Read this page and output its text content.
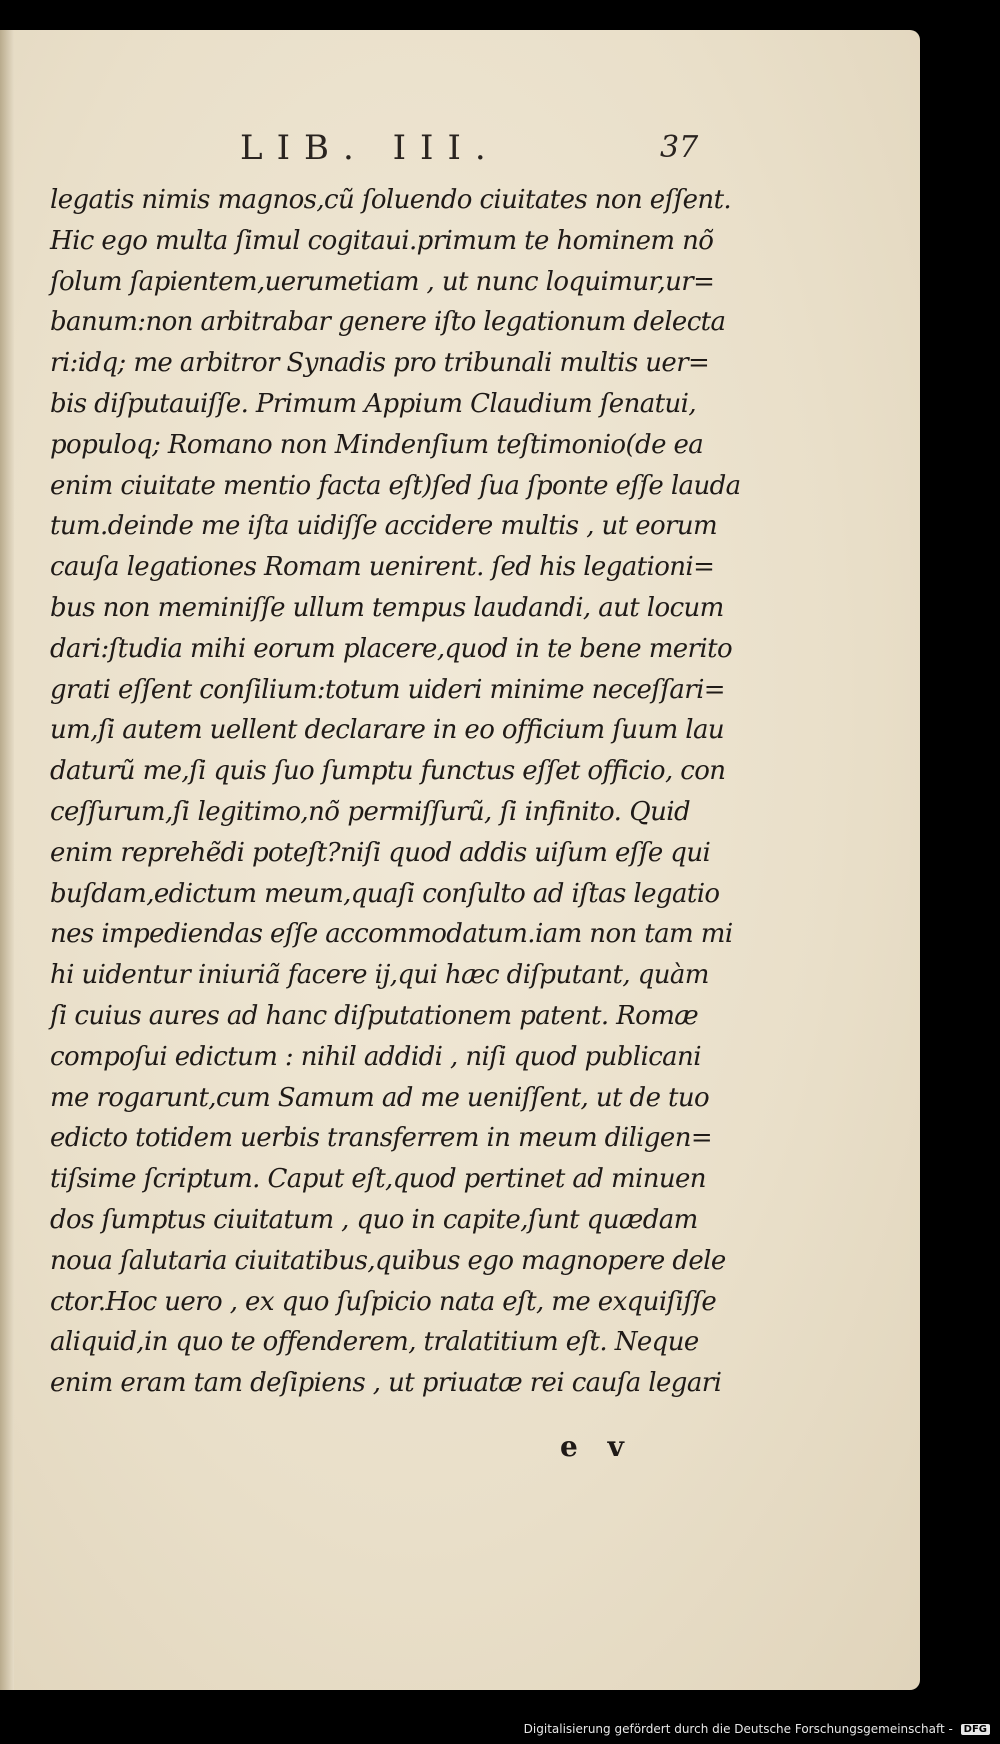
LIB. III.	37
legatis nimis magnos,cũ ſoluendo ciuitates non eſſent.
Hic ego multa ſimul cogitaui.primum te hominem nõ
ſolum ſapientem,uerumetiam , ut nunc loquimur,ur=
banum:non arbitrabar genere iſto legationum delecta
ri:idq; me arbitror Synadis pro tribunali multis uer=
bis diſputauiſſe. Primum Appium Claudium ſenatui,
populoq; Romano non Mindenſium teſtimonio(de ea
enim ciuitate mentio facta eſt)ſed ſua ſponte eſſe lauda
tum.deinde me iſta uidiſſe accidere multis , ut eorum
cauſa legationes Romam uenirent. ſed his legationi=
bus non meminiſſe ullum tempus laudandi, aut locum
dari:ſtudia mihi eorum placere,quod in te bene merito
grati eſſent conſilium:totum uideri minime neceſſari=
um,ſi autem uellent declarare in eo officium ſuum lau
daturũ me,ſi quis ſuo ſumptu functus eſſet officio, con
ceſſurum,ſi legitimo,nõ permiſſurũ, ſi infinito. Quid
enim reprehẽdi poteſt?niſi quod addis uiſum eſſe qui
buſdam,edictum meum,quaſi conſulto ad iſtas legatio
nes impediendas eſſe accommodatum.iam non tam mi
hi uidentur iniuriã facere ij,qui hæc diſputant, quàm
ſi cuius aures ad hanc diſputationem patent. Romæ
compoſui edictum : nihil addidi , niſi quod publicani
me rogarunt,cum Samum ad me ueniſſent, ut de tuo
edicto totidem uerbis transferrem in meum diligen=
tiſsime ſcriptum. Caput eſt,quod pertinet ad minuen
dos ſumptus ciuitatum , quo in capite,ſunt quædam
noua ſalutaria ciuitatibus,quibus ego magnopere dele
ctor.Hoc uero , ex quo ſuſpicio nata eſt, me exquiſiſſe
aliquid,in quo te offenderem, tralatitium eſt. Neque
enim eram tam deſipiens , ut priuatæ rei cauſa legari
e v
Digitalisierung gefördert durch die Deutsche Forschungsgemeinschaft - DFG
